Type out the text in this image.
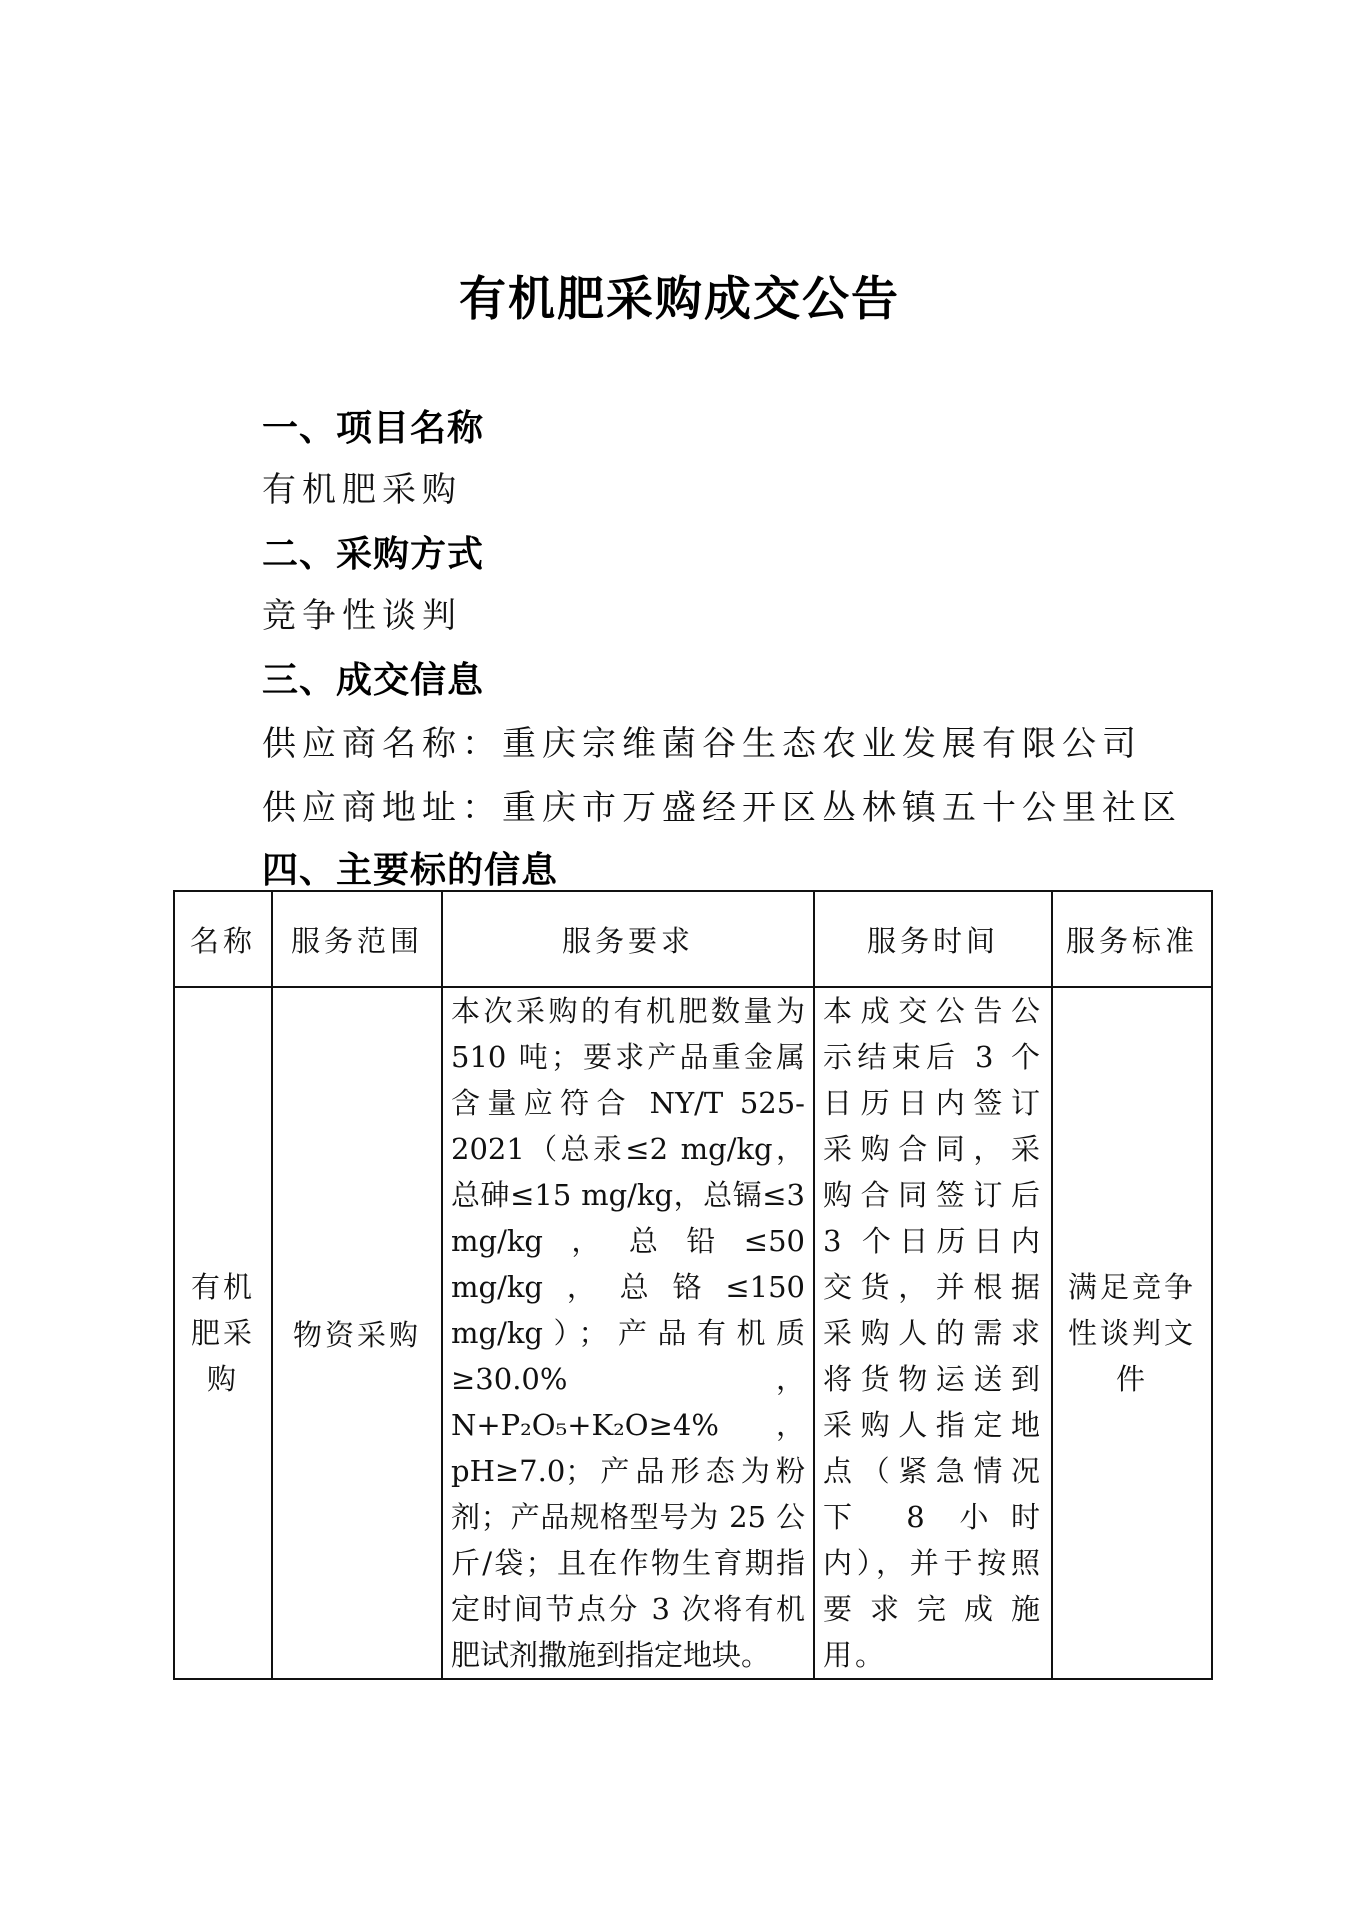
有机肥采购成交公告
一、项目名称
有机肥采购
二、采购方式
竞争性谈判
三、成交信息
供应商名称：重庆宗维菌谷生态农业发展有限公司
供应商地址：重庆市万盛经开区丛林镇五十公里社区
四、主要标的信息
名称	服务范围	服务要求	服务时间	服务标准
有机肥采购	物资采购	本次采购的有机肥数量为 510 吨；要求产品重金属含量应符合 NY/T 525-2021（总汞≤2 mg/kg，总砷≤15 mg/kg，总镉≤3 mg/kg，总铅≤50 mg/kg，总铬≤150 mg/kg）；产品有机质≥30.0%，N+P₂O₅+K₂O≥4%，pH≥7.0；产品形态为粉剂；产品规格型号为 25 公斤/袋；且在作物生育期指定时间节点分 3 次将有机肥试剂撒施到指定地块。	本成交公告公示结束后 3 个日历日内签订采购合同，采购合同签订后 3 个日历日内交货，并根据采购人的需求将货物运送到采购人指定地点（紧急情况下 8 小时内），并于按照要求完成施用。	满足竞争性谈判文件
